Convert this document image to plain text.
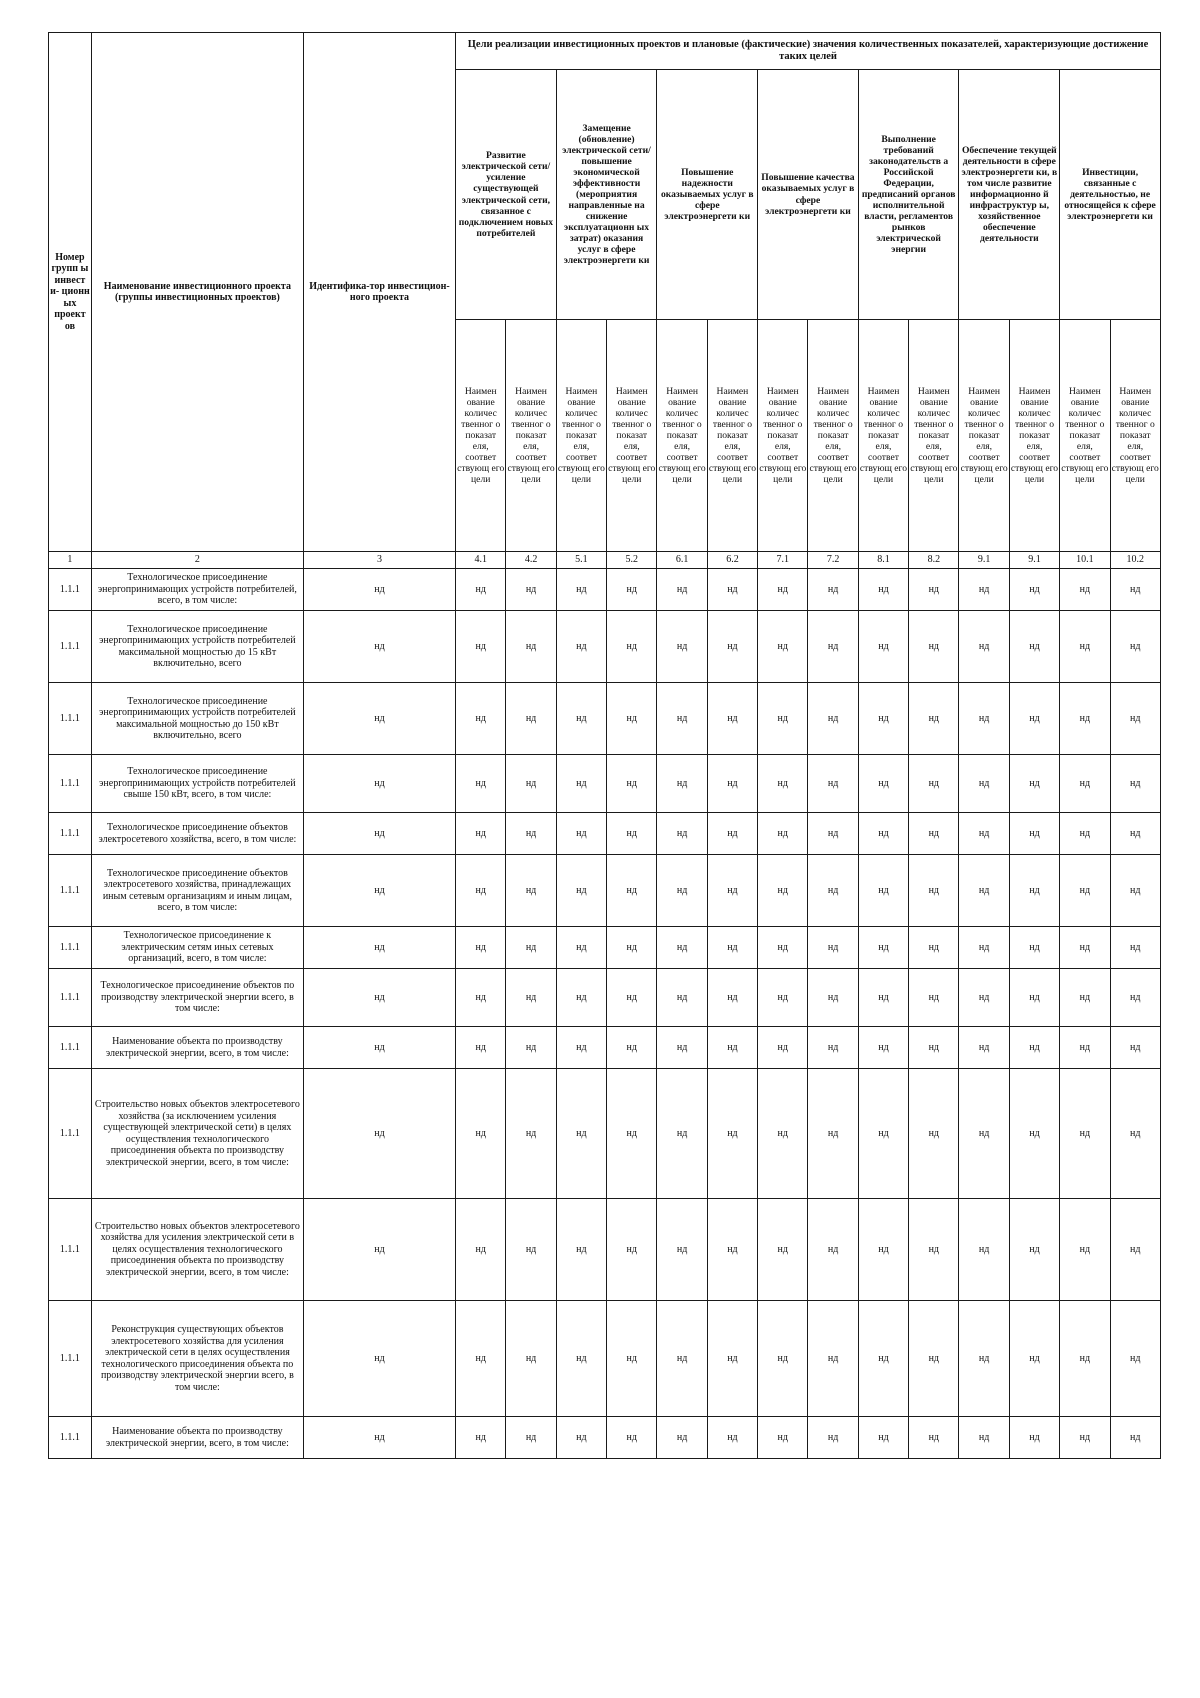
Номер групп ы инвест и- ционн ых проект ов	Наименование инвестиционного проекта (группы инвестиционных проектов)	Идентифика-тор инвестицион-ного проекта	Цели реализации инвестиционных проектов и плановые (фактические) значения количественных показателей, характеризующие достижение таких целей													
			Развитие электрической сети/усиление существующей электрической сети, связанное с подключением новых потребителей		Замещение (обновление) электрической сети/повышение экономической эффективности (мероприятия направленные на снижение эксплуатационн ых затрат) оказания услуг в сфере электроэнергети ки		Повышение надежности оказываемых услуг в сфере электроэнергети ки		Повышение качества оказываемых услуг в сфере электроэнергети ки		Выполнение требований законодательств а Российской Федерации, предписаний органов исполнительной власти, регламентов рынков электрической энергии		Обеспечение текущей деятельности в сфере электроэнергети ки, в том числе развитие информационно й инфраструктур ы, хозяйственное обеспечение деятельности		Инвестиции, связанные с деятельностью, не относящейся к сфере электроэнергети ки	
			Наимен ование количес твенног о показат еля, соответ ствующ его цели	Наимен ование количес твенног о показат еля, соответ ствующ его цели	Наимен ование количес твенног о показат еля, соответ ствующ его цели	Наимен ование количес твенног о показат еля, соответ ствующ его цели	Наимен ование количес твенног о показат еля, соответ ствующ его цели	Наимен ование количес твенног о показат еля, соответ ствующ его цели	Наимен ование количес твенног о показат еля, соответ ствующ его цели	Наимен ование количес твенног о показат еля, соответ ствующ его цели	Наимен ование количес твенног о показат еля, соответ ствующ его цели	Наимен ование количес твенног о показат еля, соответ ствующ его цели	Наимен ование количес твенног о показат еля, соответ ствующ его цели	Наимен ование количес твенног о показат еля, соответ ствующ его цели	Наимен ование количес твенног о показат еля, соответ ствующ его цели	Наимен ование количес твенног о показат еля, соответ ствующ его цели
1	2	3	4.1	4.2	5.1	5.2	6.1	6.2	7.1	7.2	8.1	8.2	9.1	9.1	10.1	10.2
1.1.1	Технологическое присоединение энергопринимающих устройств потребителей, всего, в том числе:	нд	нд	нд	нд	нд	нд	нд	нд	нд	нд	нд	нд	нд	нд	нд
1.1.1	Технологическое присоединение энергопринимающих устройств потребителей максимальной мощностью до 15 кВт включительно, всего	нд	нд	нд	нд	нд	нд	нд	нд	нд	нд	нд	нд	нд	нд	нд
1.1.1	Технологическое присоединение энергопринимающих устройств потребителей максимальной мощностью до 150 кВт включительно, всего	нд	нд	нд	нд	нд	нд	нд	нд	нд	нд	нд	нд	нд	нд	нд
1.1.1	Технологическое присоединение энергопринимающих устройств потребителей свыше 150 кВт, всего, в том числе:	нд	нд	нд	нд	нд	нд	нд	нд	нд	нд	нд	нд	нд	нд	нд
1.1.1	Технологическое присоединение объектов электросетевого хозяйства, всего, в том числе:	нд	нд	нд	нд	нд	нд	нд	нд	нд	нд	нд	нд	нд	нд	нд
1.1.1	Технологическое присоединение объектов электросетевого хозяйства, принадлежащих иным сетевым организациям и иным лицам, всего, в том числе:	нд	нд	нд	нд	нд	нд	нд	нд	нд	нд	нд	нд	нд	нд	нд
1.1.1	Технологическое присоединение к электрическим сетям иных сетевых организаций, всего, в том числе:	нд	нд	нд	нд	нд	нд	нд	нд	нд	нд	нд	нд	нд	нд	нд
1.1.1	Технологическое присоединение объектов по производству электрической энергии всего, в том числе:	нд	нд	нд	нд	нд	нд	нд	нд	нд	нд	нд	нд	нд	нд	нд
1.1.1	Наименование объекта по производству электрической энергии, всего, в том числе:	нд	нд	нд	нд	нд	нд	нд	нд	нд	нд	нд	нд	нд	нд	нд
1.1.1	Строительство новых объектов электросетевого хозяйства (за исключением усиления существующей электрической сети) в целях осуществления технологического присоединения объекта по производству электрической энергии, всего, в том числе:	нд	нд	нд	нд	нд	нд	нд	нд	нд	нд	нд	нд	нд	нд	нд
1.1.1	Строительство новых объектов электросетевого хозяйства для усиления электрической сети в целях осуществления технологического присоединения объекта по производству электрической энергии, всего, в том числе:	нд	нд	нд	нд	нд	нд	нд	нд	нд	нд	нд	нд	нд	нд	нд
1.1.1	Реконструкция существующих объектов электросетевого хозяйства для усиления электрической сети в целях осуществления технологического присоединения объекта по производству электрической энергии всего, в том числе:	нд	нд	нд	нд	нд	нд	нд	нд	нд	нд	нд	нд	нд	нд	нд
1.1.1	Наименование объекта по производству электрической энергии, всего, в том числе:	нд	нд	нд	нд	нд	нд	нд	нд	нд	нд	нд	нд	нд	нд	нд
